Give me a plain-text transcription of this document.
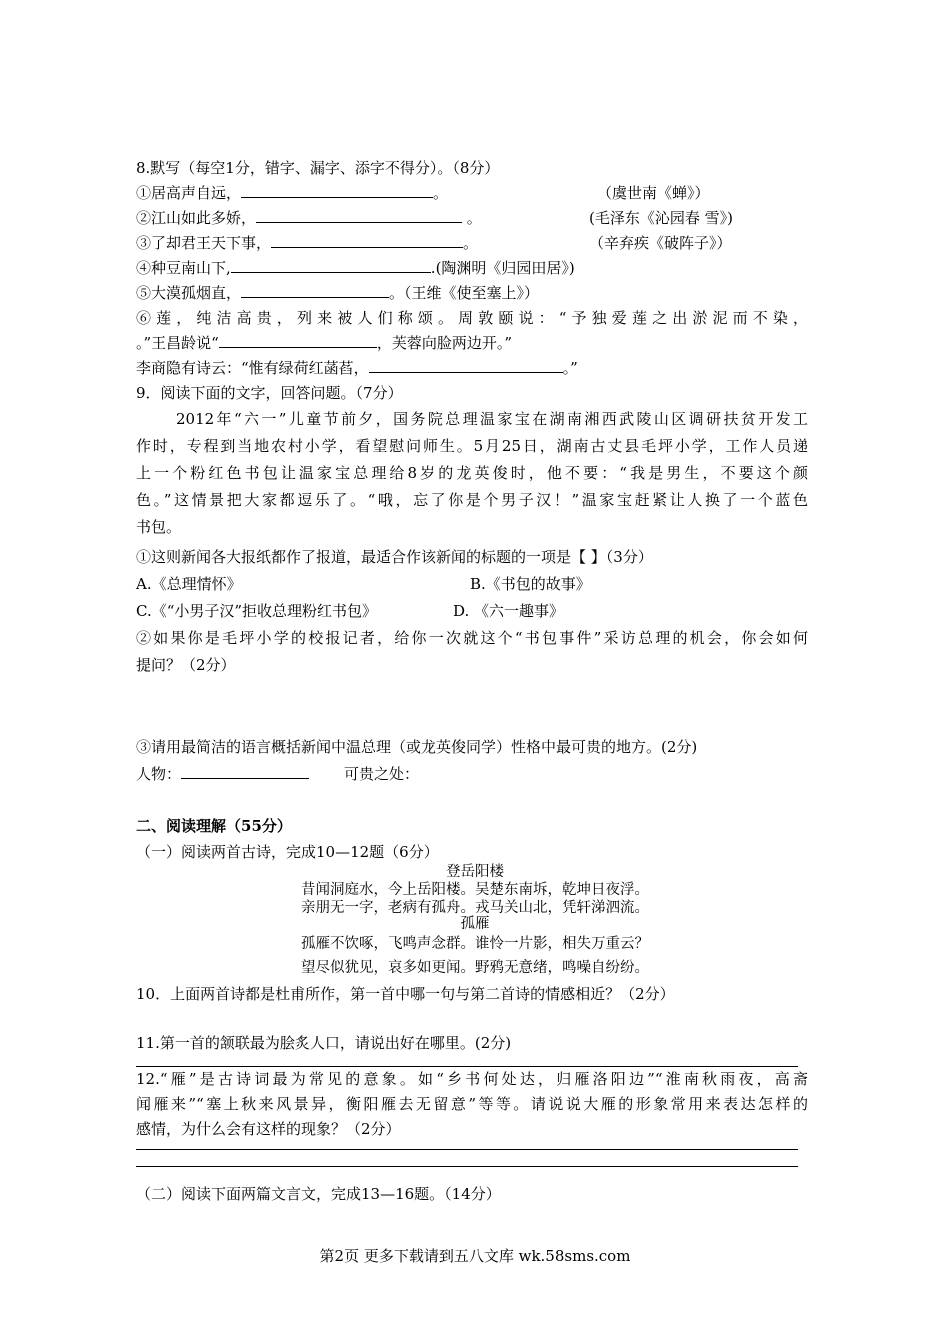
8.默写（每空1分，错字、漏字、添字不得分）。（8分）
①居高声自远，	。	（虞世南《蝉》）
②江山如此多娇，	。	(毛泽东《沁园春 雪》)
③了却君王天下事，	。	（辛弃疾《破阵子》）
④种豆南山下,	.(陶渊明《归园田居》)
⑤大漠孤烟直，	。（王维《使至塞上》）
⑥莲，纯洁高贵，列来被人们称颂。周敦颐说：“予独爱莲之出淤泥而不染，
。”王昌龄说“	，芙蓉向脸两边开。”
李商隐有诗云：“惟有绿荷红菡萏，	。”
9．阅读下面的文字，回答问题。（7分）
2012年“六一”儿童节前夕，国务院总理温家宝在湖南湘西武陵山区调研扶贫开发工
作时，专程到当地农村小学，看望慰问师生。5月25日，湖南古丈县毛坪小学，工作人员递
上一个粉红色书包让温家宝总理给8岁的龙英俊时，他不要：“我是男生，不要这个颜
色。”这情景把大家都逗乐了。“哦，忘了你是个男子汉！”温家宝赶紧让人换了一个蓝色
书包。
①这则新闻各大报纸都作了报道，最适合作该新闻的标题的一项是【 】（3分）
A.《总理情怀》	B.《书包的故事》
C.《“小男子汉”拒收总理粉红书包》	D. 《六一趣事》
②如果你是毛坪小学的校报记者，给你一次就这个“书包事件”采访总理的机会，你会如何
提问？（2分）
③请用最简洁的语言概括新闻中温总理（或龙英俊同学）性格中最可贵的地方。(2分)
人物：	可贵之处：
二、阅读理解（55分）
（一）阅读两首古诗，完成10—12题（6分）
登岳阳楼
昔闻洞庭水，今上岳阳楼。吴楚东南坼，乾坤日夜浮。
亲朋无一字，老病有孤舟。戎马关山北，凭轩涕泗流。
孤雁
孤雁不饮啄，飞鸣声念群。谁怜一片影，相失万重云？
望尽似犹见，哀多如更闻。野鸦无意绪，鸣噪自纷纷。
10．上面两首诗都是杜甫所作，第一首中哪一句与第二首诗的情感相近？（2分）
11.第一首的颔联最为脍炙人口，请说出好在哪里。(2分)
12.“雁”是古诗词最为常见的意象。如“乡书何处达，归雁洛阳边”“淮南秋雨夜，高斋
闻雁来”“塞上秋来风景异，衡阳雁去无留意”等等。请说说大雁的形象常用来表达怎样的
感情，为什么会有这样的现象？（2分）
（二）阅读下面两篇文言文，完成13—16题。（14分）
第2页 更多下载请到五八文库 wk.58sms.com
